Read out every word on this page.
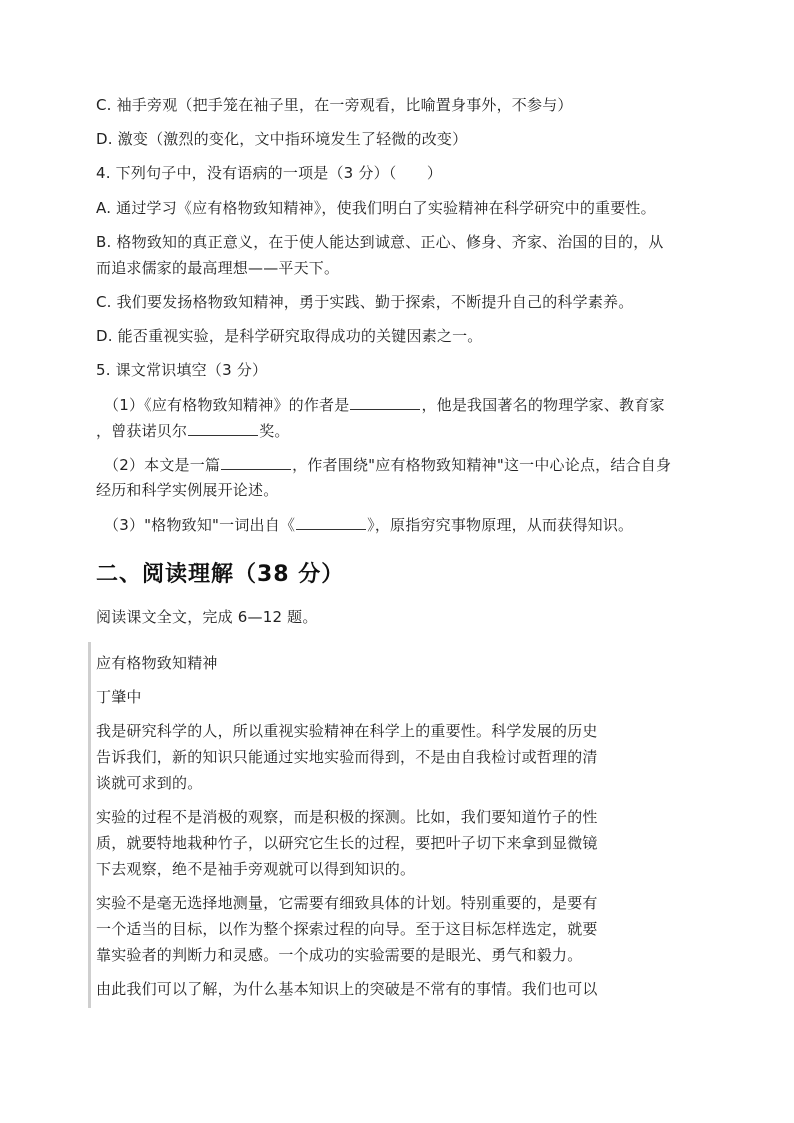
C. 袖手旁观（把手笼在袖子里，在一旁观看，比喻置身事外，不参与）
D. 激变（激烈的变化，文中指环境发生了轻微的改变）
4. 下列句子中，没有语病的一项是（3 分）（　　）
A. 通过学习《应有格物致知精神》，使我们明白了实验精神在科学研究中的重要性。
B. 格物致知的真正意义，在于使人能达到诚意、正心、修身、齐家、治国的目的，从
而追求儒家的最高理想——平天下。
C. 我们要发扬格物致知精神，勇于实践、勤于探索，不断提升自己的科学素养。
D. 能否重视实验，是科学研究取得成功的关键因素之一。
5. 课文常识填空（3 分）
（1）《应有格物致知精神》的作者是	，他是我国著名的物理学家、教育家
，曾获诺贝尔	奖。
（2）本文是一篇	，作者围绕"应有格物致知精神"这一中心论点，结合自身
经历和科学实例展开论述。
（3）"格物致知"一词出自《	》，原指穷究事物原理，从而获得知识。
二、阅读理解（38 分）
阅读课文全文，完成 6—12 题。
应有格物致知精神
丁肇中
我是研究科学的人，所以重视实验精神在科学上的重要性。科学发展的历史
告诉我们，新的知识只能通过实地实验而得到，不是由自我检讨或哲理的清
谈就可求到的。
实验的过程不是消极的观察，而是积极的探测。比如，我们要知道竹子的性
质，就要特地栽种竹子，以研究它生长的过程，要把叶子切下来拿到显微镜
下去观察，绝不是袖手旁观就可以得到知识的。
实验不是毫无选择地测量，它需要有细致具体的计划。特别重要的，是要有
一个适当的目标，以作为整个探索过程的向导。至于这目标怎样选定，就要
靠实验者的判断力和灵感。一个成功的实验需要的是眼光、勇气和毅力。
由此我们可以了解，为什么基本知识上的突破是不常有的事情。我们也可以
